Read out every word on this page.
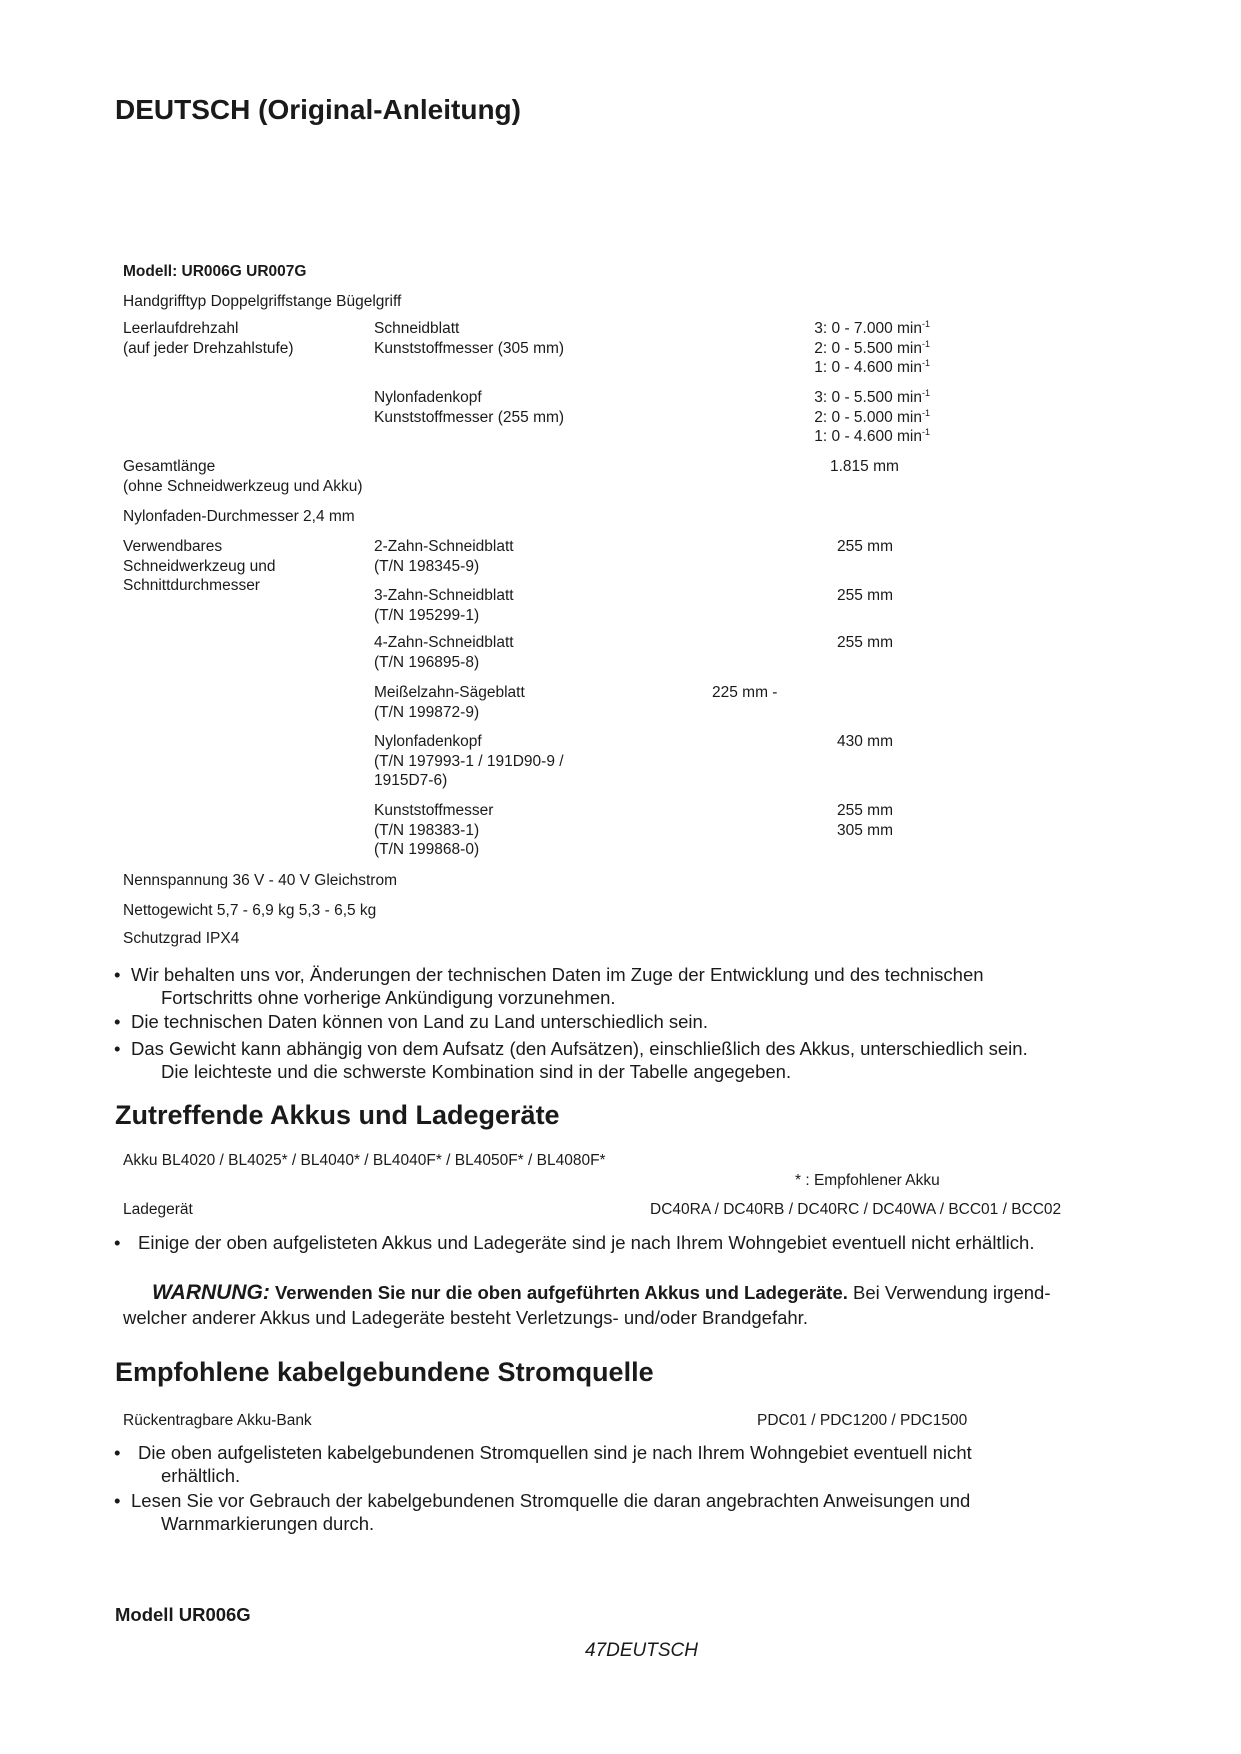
DEUTSCH (Original-Anleitung)
Modell: UR006G UR007G
Handgrifftyp Doppelgriffstange Bügelgriff
Leerlaufdrehzahl
(auf jeder Drehzahlstufe)
Schneidblatt
Kunststoffmesser (305 mm)
3: 0 - 7.000 $\min^{-1}$
2: 0 - 5.500 $\min^{-1}$
1: 0 - 4.600 $\min^{-1}$
Nylonfadenkopf
Kunststoffmesser (255 mm)
3: 0 - 5.500 $\min^{-1}$
2: 0 - 5.000 $\min^{-1}$
1: 0 - 4.600 $\min^{-1}$
Gesamtlänge
(ohne Schneidwerkzeug und Akku)
1.815 mm
Nylonfaden-Durchmesser 2,4 mm
Verwendbares
Schneidwerkzeug und
Schnittdurchmesser
2-Zahn-Schneidblatt
(T/N 198345-9)
255 mm
3-Zahn-Schneidblatt
(T/N 195299-1)
255 mm
4-Zahn-Schneidblatt
(T/N 196895-8)
255 mm
Meißelzahn-Sägeblatt
(T/N 199872-9)
225 mm -
Nylonfadenkopf
(T/N 197993-1 / 191D90-9 /
1915D7-6)
430 mm
Kunststoffmesser
(T/N 198383-1)
(T/N 199868-0)
255 mm
305 mm
Nennspannung 36 V - 40 V Gleichstrom
Nettogewicht 5,7 - 6,9 kg 5,3 - 6,5 kg
Schutzgrad IPX4
• Wir behalten uns vor, Änderungen der technischen Daten im Zuge der Entwicklung und des technischen
Fortschritts ohne vorherige Ankündigung vorzunehmen.
• Die technischen Daten können von Land zu Land unterschiedlich sein.
• Das Gewicht kann abhängig von dem Aufsatz (den Aufsätzen), einschließlich des Akkus, unterschiedlich sein.
Die leichteste und die schwerste Kombination sind in der Tabelle angegeben.
Zutreffende Akkus und Ladegeräte
Akku BL4020 / BL4025* / BL4040* / BL4040F* / BL4050F* / BL4080F*
* : Empfohlener Akku
Ladegerät	DC40RA / DC40RB / DC40RC / DC40WA / BCC01 / BCC02
• Einige der oben aufgelisteten Akkus und Ladegeräte sind je nach Ihrem Wohngebiet eventuell nicht erhältlich.
WARNUNG: Verwenden Sie nur die oben aufgeführten Akkus und Ladegeräte. Bei Verwendung irgend-
welcher anderer Akkus und Ladegeräte besteht Verletzungs- und/oder Brandgefahr.
Empfohlene kabelgebundene Stromquelle
Rückentragbare Akku-Bank	PDC01 / PDC1200 / PDC1500
• Die oben aufgelisteten kabelgebundenen Stromquellen sind je nach Ihrem Wohngebiet eventuell nicht
erhältlich.
• Lesen Sie vor Gebrauch der kabelgebundenen Stromquelle die daran angebrachten Anweisungen und
Warnmarkierungen durch.
Modell UR006G
47DEUTSCH
